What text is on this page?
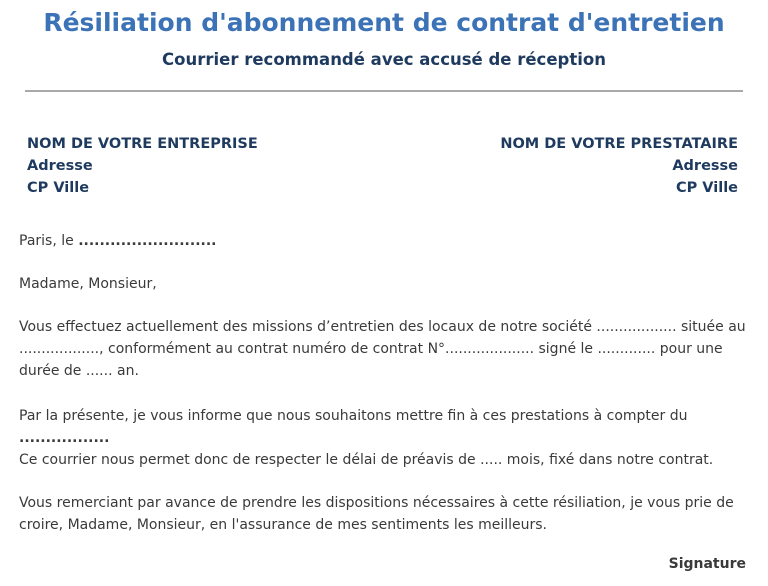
Résiliation d'abonnement de contrat d'entretien
Courrier recommandé avec accusé de réception
NOM DE VOTRE ENTREPRISE
Adresse
CP Ville
NOM DE VOTRE PRESTATAIRE
Adresse
CP Ville
Paris, le ..........................
Madame, Monsieur,

Vous effectuez actuellement des missions d’entretien des locaux de notre société .................. située au .................., conformément au contrat numéro de contrat N°.................... signé le ............. pour une durée de ...... an.

Par la présente, je vous informe que nous souhaitons mettre fin à ces prestations à compter du

.................

Ce courrier nous permet donc de respecter le délai de préavis de ..... mois, fixé dans notre contrat.

Vous remerciant par avance de prendre les dispositions nécessaires à cette résiliation, je vous prie de croire, Madame, Monsieur, en l'assurance de mes sentiments les meilleurs.

Signature
